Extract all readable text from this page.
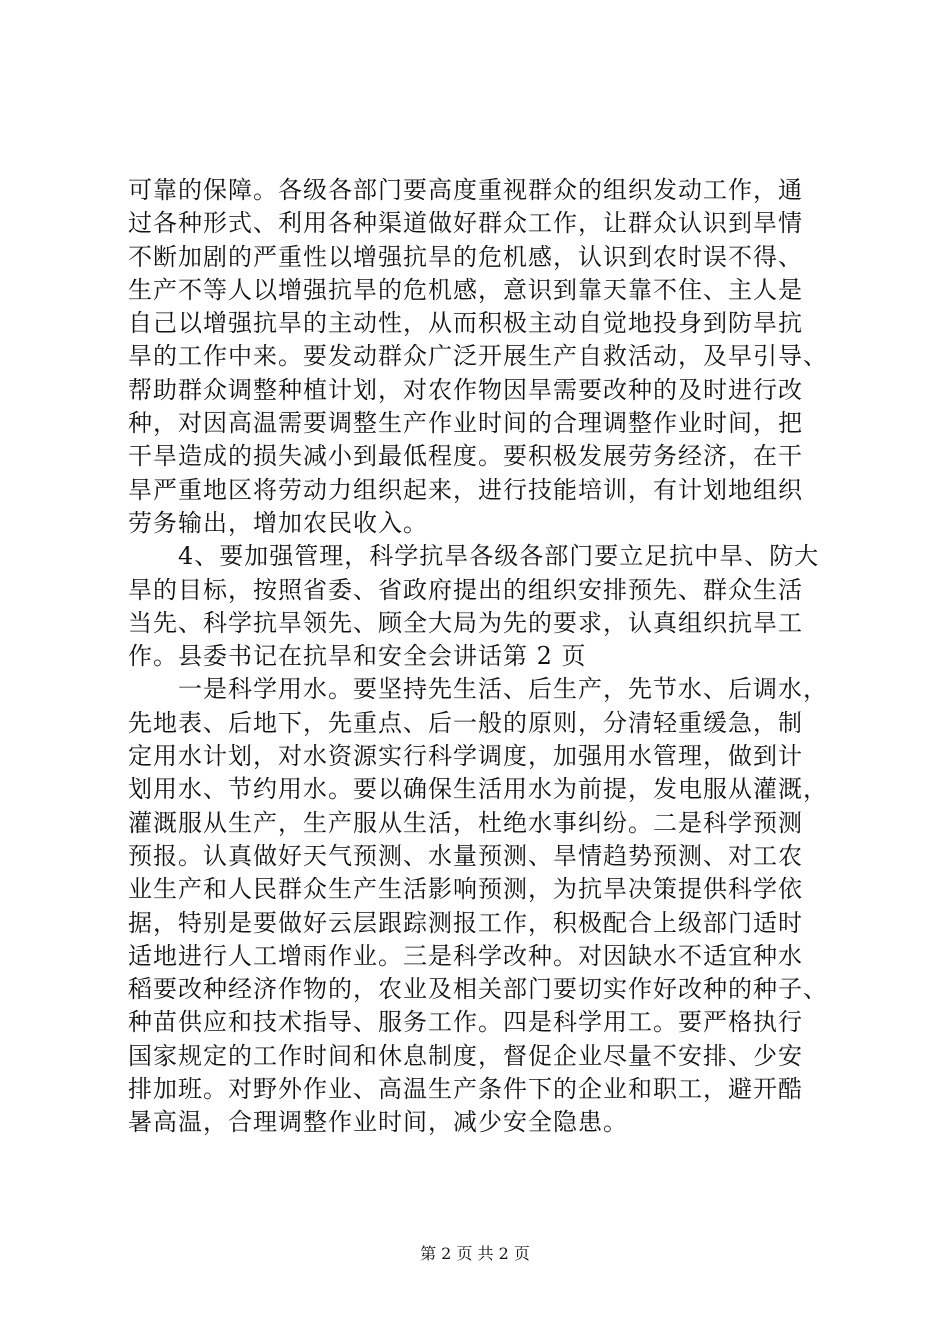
可靠的保障。各级各部门要高度重视群众的组织发动工作，通
过各种形式、利用各种渠道做好群众工作，让群众认识到旱情
不断加剧的严重性以增强抗旱的危机感，认识到农时误不得、
生产不等人以增强抗旱的危机感，意识到靠天靠不住、主人是
自己以增强抗旱的主动性，从而积极主动自觉地投身到防旱抗
旱的工作中来。要发动群众广泛开展生产自救活动，及早引导、
帮助群众调整种植计划，对农作物因旱需要改种的及时进行改
种，对因高温需要调整生产作业时间的合理调整作业时间，把
干旱造成的损失减小到最低程度。要积极发展劳务经济，在干
旱严重地区将劳动力组织起来，进行技能培训，有计划地组织
劳务输出，增加农民收入。
　　4、要加强管理，科学抗旱各级各部门要立足抗中旱、防大
旱的目标，按照省委、省政府提出的组织安排预先、群众生活
当先、科学抗旱领先、顾全大局为先的要求，认真组织抗旱工
作。县委书记在抗旱和安全会讲话第 2 页
　　一是科学用水。要坚持先生活、后生产，先节水、后调水，
先地表、后地下，先重点、后一般的原则，分清轻重缓急，制
定用水计划，对水资源实行科学调度，加强用水管理，做到计
划用水、节约用水。要以确保生活用水为前提，发电服从灌溉，
灌溉服从生产，生产服从生活，杜绝水事纠纷。二是科学预测
预报。认真做好天气预测、水量预测、旱情趋势预测、对工农
业生产和人民群众生产生活影响预测，为抗旱决策提供科学依
据，特别是要做好云层跟踪测报工作，积极配合上级部门适时
适地进行人工增雨作业。三是科学改种。对因缺水不适宜种水
稻要改种经济作物的，农业及相关部门要切实作好改种的种子、
种苗供应和技术指导、服务工作。四是科学用工。要严格执行
国家规定的工作时间和休息制度，督促企业尽量不安排、少安
排加班。对野外作业、高温生产条件下的企业和职工，避开酷
暑高温，合理调整作业时间，减少安全隐患。
第 2 页 共 2 页
